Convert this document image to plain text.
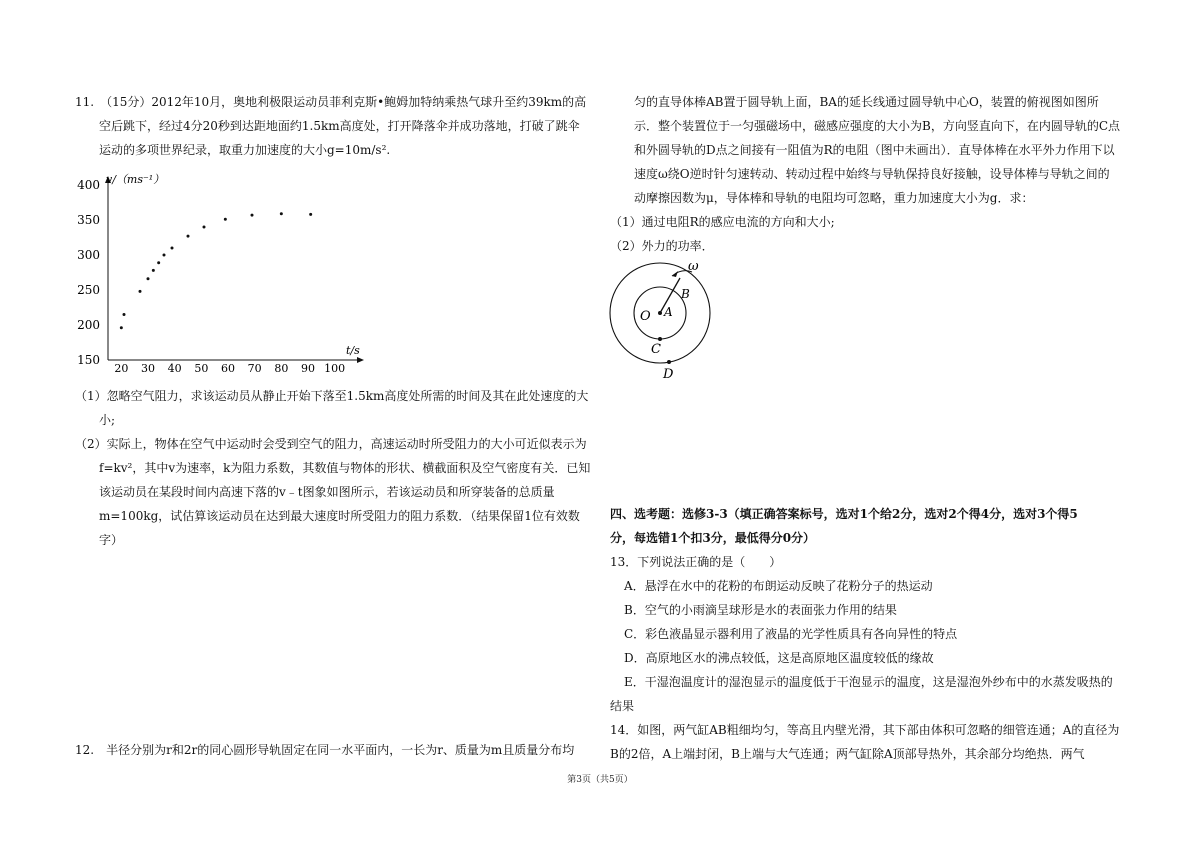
11.　（15分）2012年10月，奥地利极限运动员菲利克斯•鲍姆加特纳乘热气球升至约39km的高

空后跳下，经过4分20秒到达距地面约1.5km高度处，打开降落伞并成功落地，打破了跳伞

运动的多项世界纪录，取重力加速度的大小g=10m/s².

150
200
250
300
350
400
20 30 40 50 60 70 80 90 100
v/（ms⁻¹）
t/s

（1）忽略空气阻力，求该运动员从静止开始下落至1.5km高度处所需的时间及其在此处速度的大

小;

（2）实际上，物体在空气中运动时会受到空气的阻力，高速运动时所受阻力的大小可近似表示为

f=kv²，其中v为速率，k为阻力系数，其数值与物体的形状、横截面积及空气密度有关．已知

该运动员在某段时间内高速下落的v﹣t图象如图所示，若该运动员和所穿装备的总质量

m=100kg，试估算该运动员在达到最大速度时所受阻力的阻力系数．（结果保留1位有效数

字）

12.　半径分别为r和2r的同心圆形导轨固定在同一水平面内，一长为r、质量为m且质量分布均

匀的直导体棒AB置于圆导轨上面，BA的延长线通过圆导轨中心O，装置的俯视图如图所

示．整个装置位于一匀强磁场中，磁感应强度的大小为B，方向竖直向下，在内圆导轨的C点

和外圆导轨的D点之间接有一阻值为R的电阻（图中未画出）．直导体棒在水平外力作用下以

速度ω绕O逆时针匀速转动、转动过程中始终与导轨保持良好接触，设导体棒与导轨之间的

动摩擦因数为μ，导体棒和导轨的电阻均可忽略，重力加速度大小为g．求：

（1）通过电阻R的感应电流的方向和大小;

（2）外力的功率．

ω
B
O A
C
D

四、选考题：选修3-3（填正确答案标号，选对1个给2分，选对2个得4分，选对3个得5

分，每选错1个扣3分，最低得分0分）

13．下列说法正确的是（　　）

A．悬浮在水中的花粉的布朗运动反映了花粉分子的热运动

B．空气的小雨滴呈球形是水的表面张力作用的结果

C．彩色液晶显示器利用了液晶的光学性质具有各向异性的特点

D．高原地区水的沸点较低，这是高原地区温度较低的缘故

E．干湿泡温度计的湿泡显示的温度低于干泡显示的温度，这是湿泡外纱布中的水蒸发吸热的

结果

14．如图，两气缸AB粗细均匀，等高且内壁光滑，其下部由体积可忽略的细管连通；A的直径为

B的2倍，A上端封闭，B上端与大气连通；两气缸除A顶部导热外，其余部分均绝热．两气

第3页（共5页）
